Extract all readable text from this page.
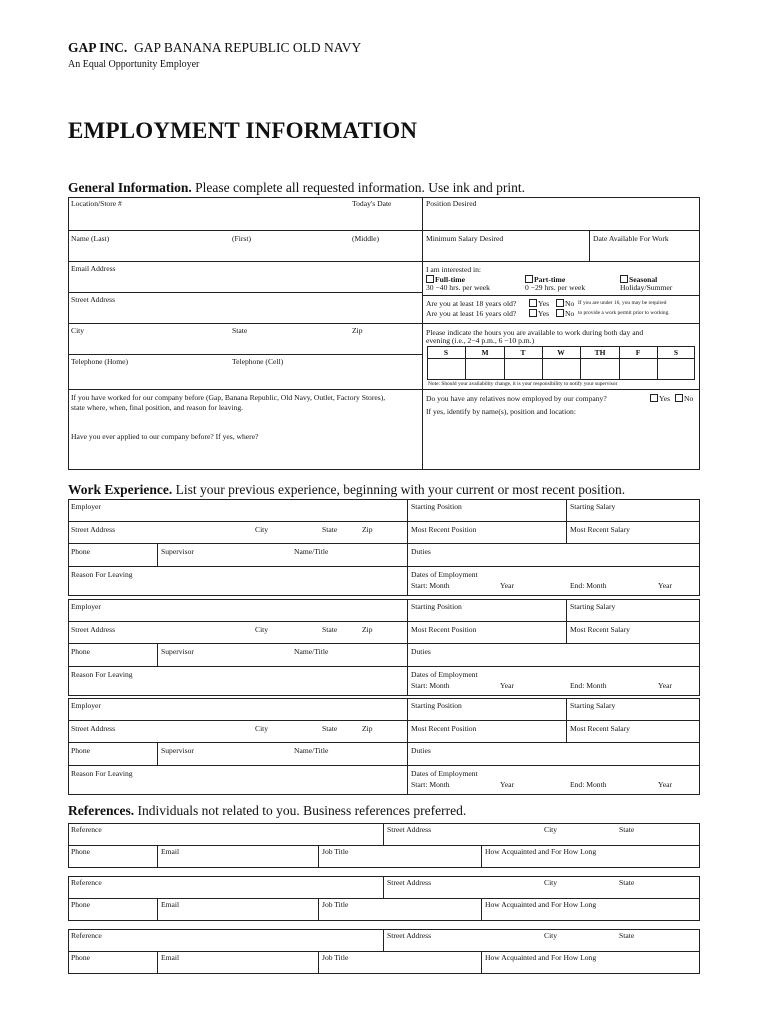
GAP INC. GAP BANANA REPUBLIC OLD NAVY
An Equal Opportunity Employer
EMPLOYMENT INFORMATION
General Information. Please complete all requested information. Use ink and print.
Location/Store #	Today's Date
Name (Last)	(First)	(Middle)
Email Address
Street Address
City	State	Zip
Telephone (Home)	Telephone (Cell)
If you have worked for our company before (Gap, Banana Republic, Old Navy, Outlet, Factory Stores),
state where, when, final position, and reason for leaving.
Have you ever applied to our company before? If yes, where?
Position Desired
Minimum Salary Desired	Date Available For Work
I am interested in:
Full-time
30 −40 hrs. per week
Part-time
0 −29 hrs. per week
Seasonal
Holiday/Summer
Are you at least 18 years old?	Yes	No
Are you at least 16 years old?	Yes	No
If you are under 16, you may be required
to provide a work permit prior to working.
Please indicate the hours you are available to work during both day and
evening (i.e., 2−4 p.m., 6 −10 p.m.)
S	M	T	W	TH	F	S
Note: Should your availability change, it is your responsibility to notify your supervisor
Do you have any relatives now employed by our company?	Yes	No
If yes, identify by name(s), position and location:
Work Experience. List your previous experience, beginning with your current or most recent position.
Employer	Starting Position	Starting Salary
Street Address	City	State	Zip	Most Recent Position	Most Recent Salary
Phone	Supervisor	Name/Title	Duties
Reason For Leaving	Dates of Employment
Start: Month	Year	End: Month	Year
Employer	Starting Position	Starting Salary
Street Address	City	State	Zip	Most Recent Position	Most Recent Salary
Phone	Supervisor	Name/Title	Duties
Reason For Leaving	Dates of Employment
Start: Month	Year	End: Month	Year
Employer	Starting Position	Starting Salary
Street Address	City	State	Zip	Most Recent Position	Most Recent Salary
Phone	Supervisor	Name/Title	Duties
Reason For Leaving	Dates of Employment
Start: Month	Year	End: Month	Year
References. Individuals not related to you. Business references preferred.
Reference	Street Address	City	State
Phone	Email	Job Title	How Acquainted and For How Long
Reference	Street Address	City	State
Phone	Email	Job Title	How Acquainted and For How Long
Reference	Street Address	City	State
Phone	Email	Job Title	How Acquainted and For How Long
